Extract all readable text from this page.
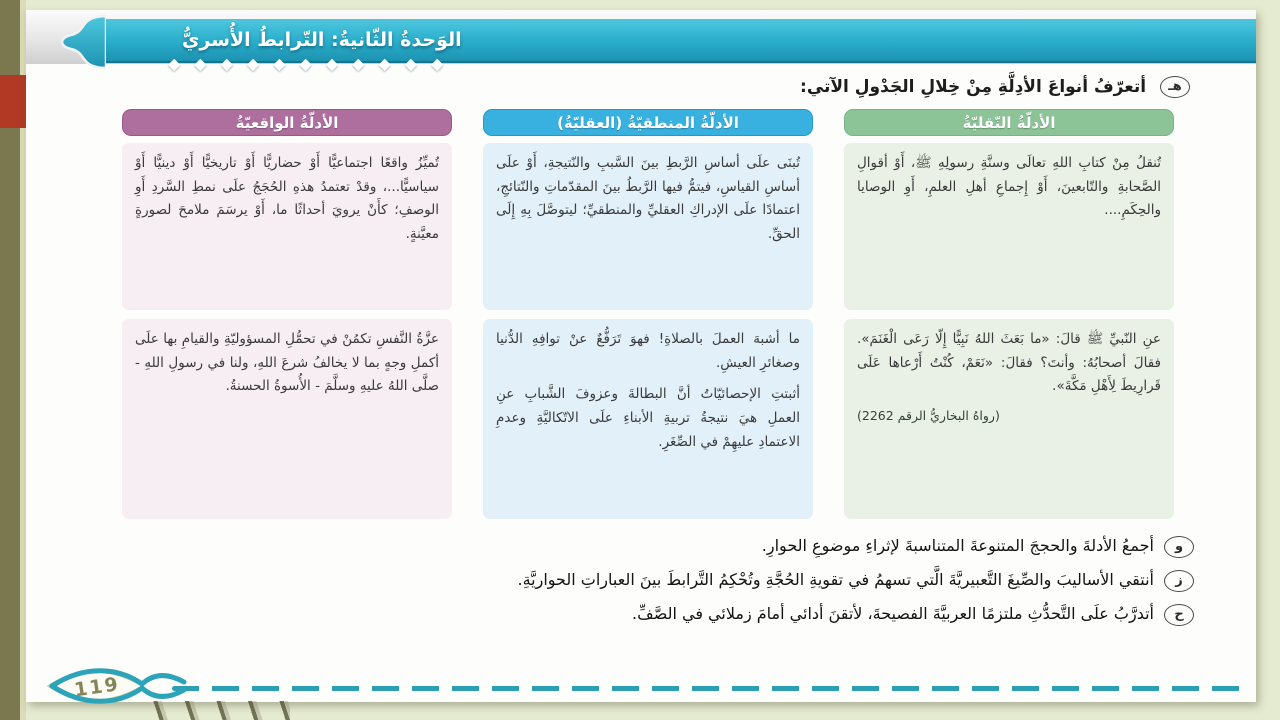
الوَحدةُ الثّانيةُ: التّرابطُ الأُسريُّ
◆◆◆◆◆◆◆◆◆◆◆
هـ أتعرّفُ أنواعَ الأدِلَّةِ مِنْ خِلالِ الجَدْولِ الآتي:
الأدلّةُ النّقليّةُ

تُنقلُ مِنْ كتابِ اللهِ تعالَى وسنَّةِ رسولِهِ ﷺ، أَوْ أقوالِ الصَّحابةِ والتّابعينَ، أَوْ إِجماعِ أهلِ العلمِ، أَوِ الوصايا والحِكَمِ....

عنِ النّبيِّ ﷺ قالَ: «ما بَعَثَ اللهُ نَبِيًّا إِلّا رَعَى الْغَنَمَ». فقالَ أصحابُهُ: وأنتَ؟ فقالَ: «نَعَمْ، كُنْتُ أَرْعاها عَلَى قَرارِيطَ لِأَهْلِ مَكَّةَ».

(رواهُ البخاريُّ الرقم 2262)
الأدلّةُ المنطقيّةُ (العقليّةُ)

تُبنَى علَى أساسِ الرَّبطِ بينَ السَّببِ والنّتيجةِ، أَوْ علَى أساسِ القياسِ، فيتمُّ فيها الرَّبطُ بينَ المقدّماتِ والنّتائجِ، اعتمادًا علَى الإدراكِ العقليِّ والمنطقيِّ؛ ليتوصَّلَ بِهِ إِلَى الحقِّ.

ما أشبهَ العملَ بالصلاةِ! فهوَ تَرَفُّعٌ عنْ توافِهِ الدُّنيا وصغائرِ العيشِ.

أثبتتِ الإحصائيّاتُ أنَّ البطالةَ وعزوفَ الشَّبابِ عنِ العملِ هيَ نتيجةُ تربيةِ الأبناءِ علَى الاتّكاليَّةِ وعدمِ الاعتمادِ عليهِمْ في الصِّغَرِ.

الأدلّةُ الواقعيّةُ

تُميِّزُ واقعًا اجتماعيًّا أَوْ حضاريًّا أَوْ تاريخيًّا أَوْ دينيًّا أَوْ سياسيًّا...، وقدْ تعتمدُ هذهِ الحُجَجُ علَى نمطِ السَّردِ أَوِ الوصفِ؛ كأَنْ يرويَ أحداثًا ما، أَوْ يرسَمَ ملامحَ لصورةٍ معيَّنةٍ.

عزَّةُ النَّفسِ تكمُنْ في تحمُّلِ المسؤوليّةِ والقيامِ بها علَى أكملِ وجهٍ بما لا يخالفُ شرعَ اللهِ، ولنا في رسولِ اللهِ - صلَّى اللهُ عليهِ وسلَّمَ - الأُسوةُ الحسنةُ.

و
أجمعُ الأدلةَ والحججَ المتنوعةَ المتناسبةَ لإثراءِ موضوعِ الحوارِ.
ز
أنتقي الأساليبَ والصِّيغَ التَّعبيريَّةَ الَّتي تسهمُ في تقويةِ الحُجَّةِ وتُحْكِمُ التَّرابطَ بينَ العباراتِ الحواريَّةِ.
ح
أتدرَّبُ علَى التَّحدُّثِ ملتزمًا العربيَّةَ الفصيحةَ، لأتقنَ أدائي أمامَ زملائي في الصَّفِّ.
119
